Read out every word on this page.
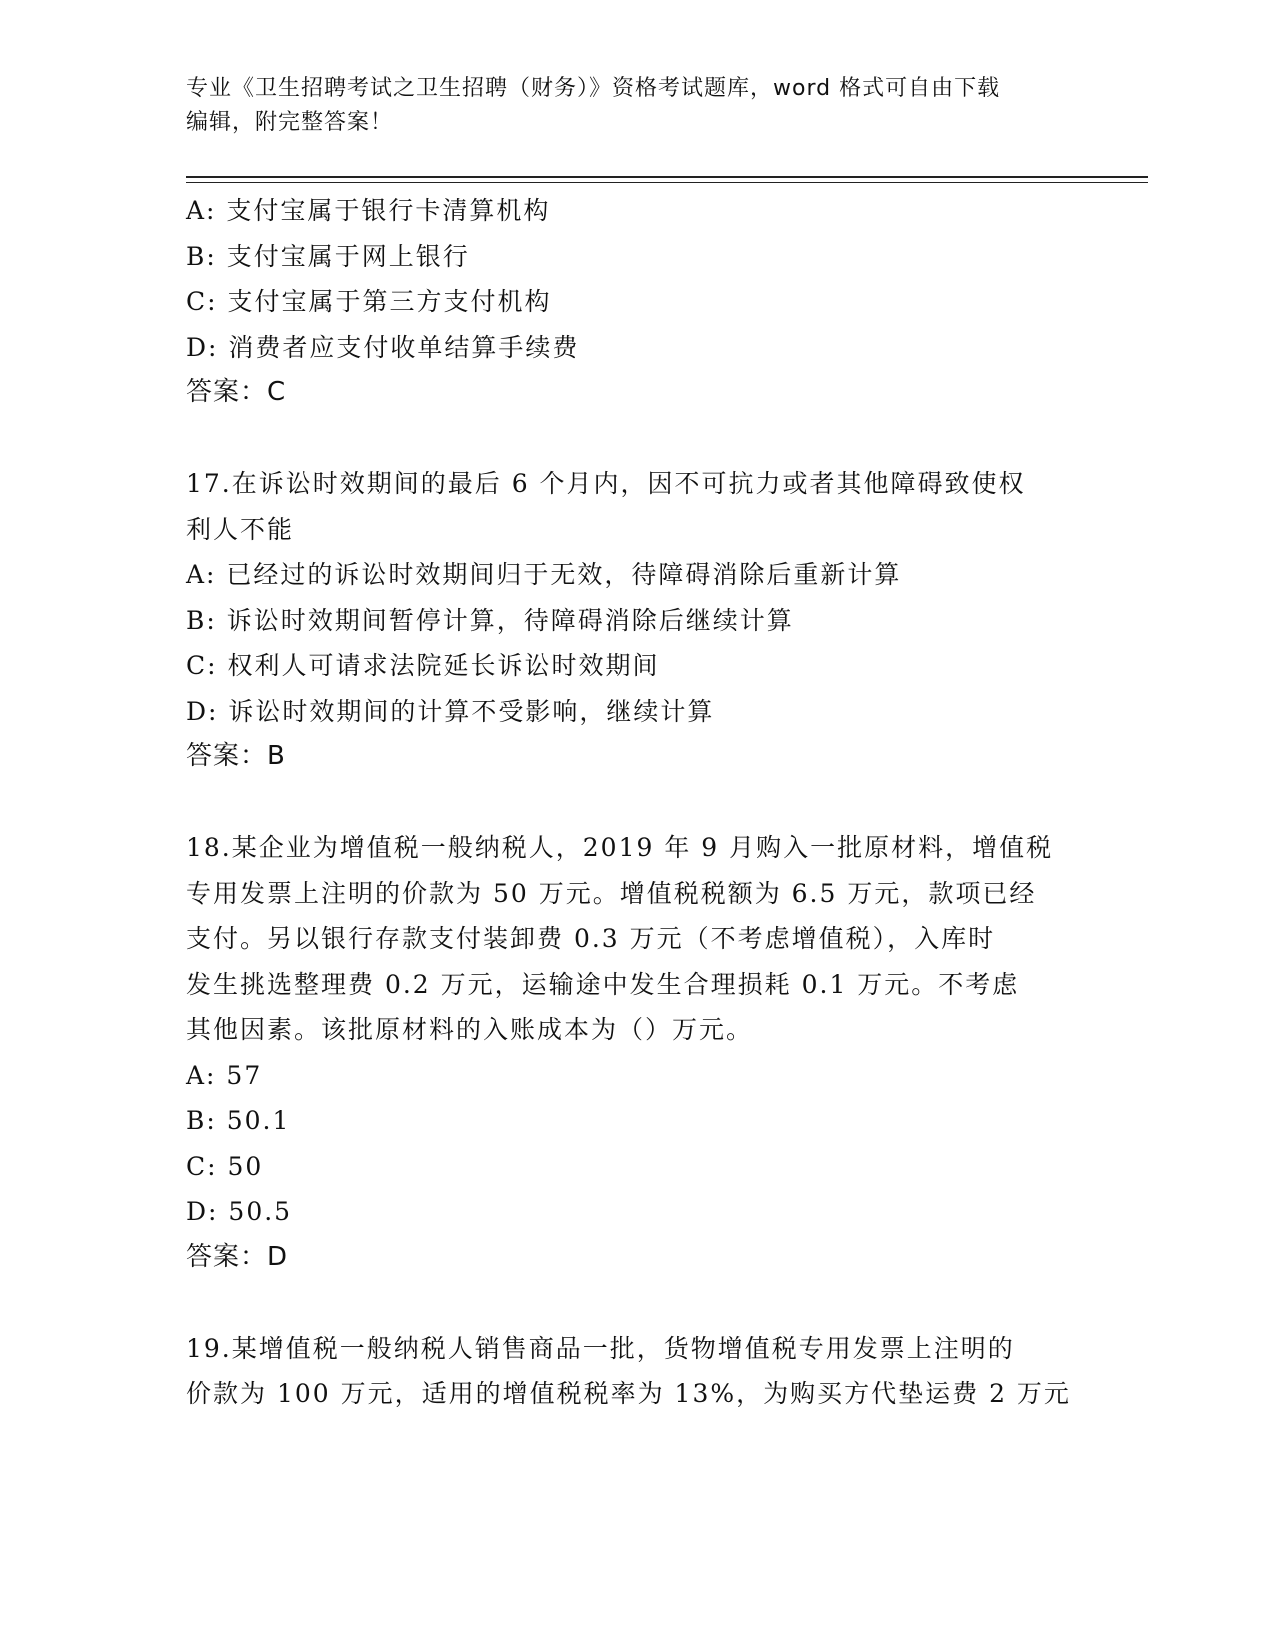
专业《卫生招聘考试之卫生招聘（财务）》资格考试题库，word 格式可自由下载
编辑，附完整答案！
A: 支付宝属于银行卡清算机构
B: 支付宝属于网上银行
C: 支付宝属于第三方支付机构
D: 消费者应支付收单结算手续费
答案：C
17.在诉讼时效期间的最后 6 个月内，因不可抗力或者其他障碍致使权
利人不能
A: 已经过的诉讼时效期间归于无效，待障碍消除后重新计算
B: 诉讼时效期间暂停计算，待障碍消除后继续计算
C: 权利人可请求法院延长诉讼时效期间
D: 诉讼时效期间的计算不受影响，继续计算
答案：B
18.某企业为增值税一般纳税人，2019 年 9 月购入一批原材料，增值税
专用发票上注明的价款为 50 万元。增值税税额为 6.5 万元，款项已经
支付。另以银行存款支付装卸费 0.3 万元（不考虑增值税），入库时
发生挑选整理费 0.2 万元，运输途中发生合理损耗 0.1 万元。不考虑
其他因素。该批原材料的入账成本为（）万元。
A: 57
B: 50.1
C: 50
D: 50.5
答案：D
19.某增值税一般纳税人销售商品一批，货物增值税专用发票上注明的
价款为 100 万元，适用的增值税税率为 13%，为购买方代垫运费 2 万元
